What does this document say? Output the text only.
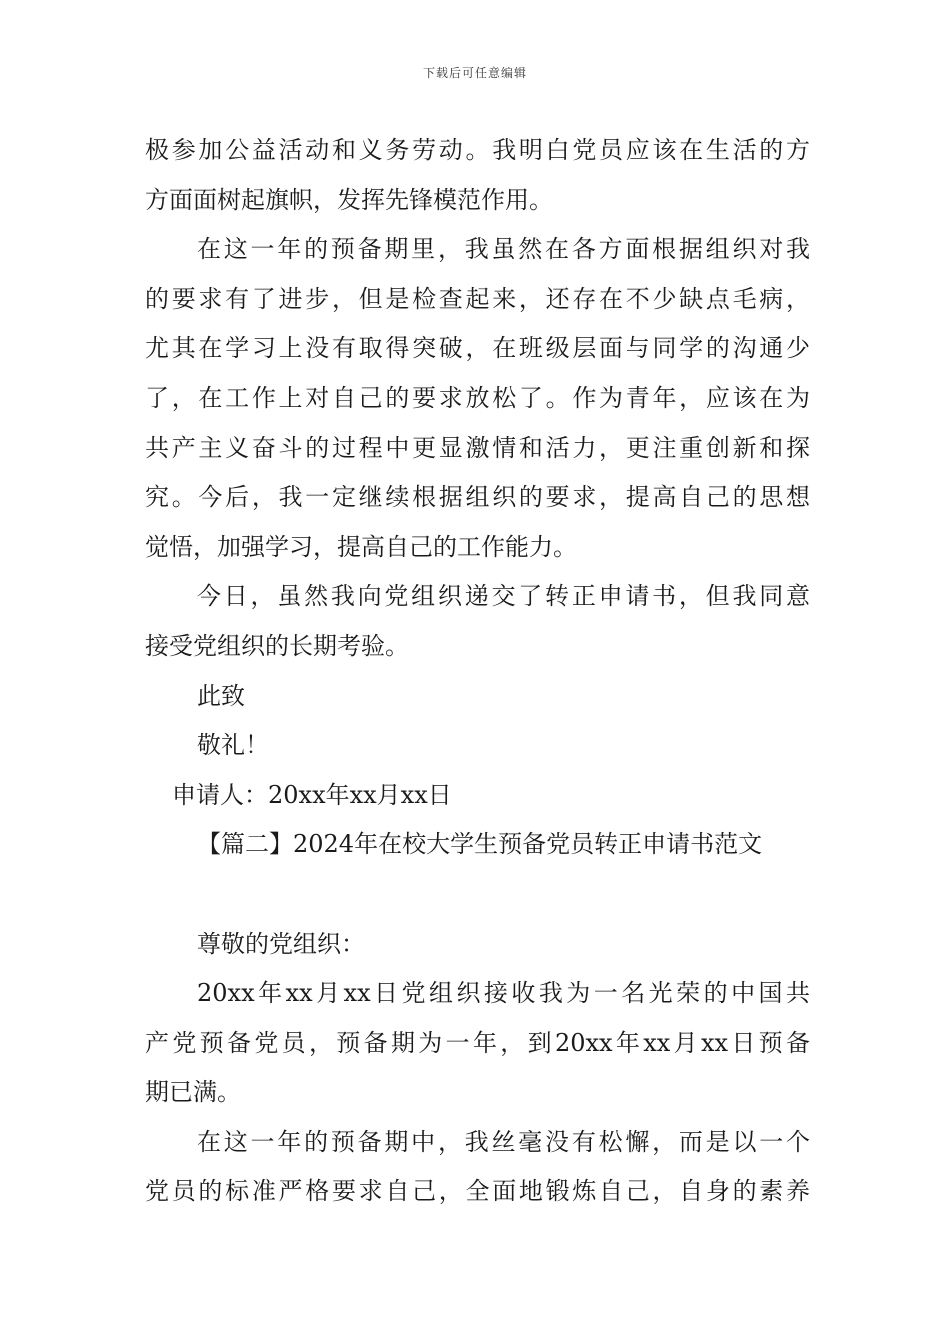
下载后可任意编辑
极参加公益活动和义务劳动。我明白党员应该在生活的方
方面面树起旗帜，发挥先锋模范作用。
在这一年的预备期里，我虽然在各方面根据组织对我
的要求有了进步，但是检查起来，还存在不少缺点毛病，
尤其在学习上没有取得突破，在班级层面与同学的沟通少
了，在工作上对自己的要求放松了。作为青年，应该在为
共产主义奋斗的过程中更显激情和活力，更注重创新和探
究。今后，我一定继续根据组织的要求，提高自己的思想
觉悟，加强学习，提高自己的工作能力。
今日，虽然我向党组织递交了转正申请书，但我同意
接受党组织的长期考验。
此致
敬礼！
申请人：20xx年xx月xx日
【篇二】2024年在校大学生预备党员转正申请书范文
尊敬的党组织：
20xx年xx月xx日党组织接收我为一名光荣的中国共
产党预备党员，预备期为一年，到20xx年xx月xx日预备
期已满。
在这一年的预备期中，我丝毫没有松懈，而是以一个
党员的标准严格要求自己，全面地锻炼自己，自身的素养
